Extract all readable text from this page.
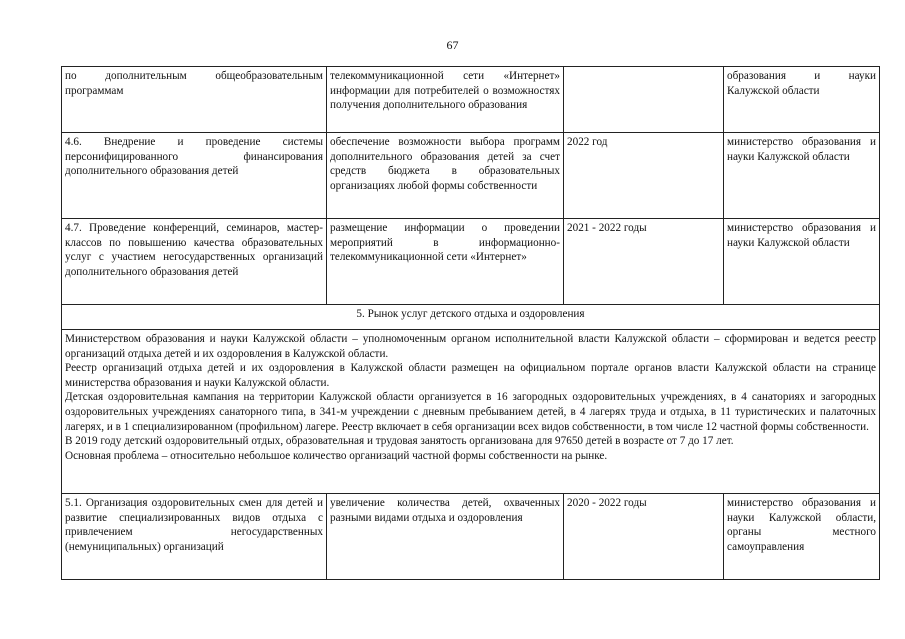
67
по дополнительным общеобразовательным программам	телекоммуникационной сети «Интернет» информации для потребителей о возможностях получения дополнительного образования		образования и науки Калужской области
4.6. Внедрение и проведение системы персонифицированного финансирования дополнительного образования детей	обеспечение возможности выбора программ дополнительного образования детей за счет средств бюджета в образовательных организациях любой формы собственности	2022 год	министерство образования и науки Калужской области
4.7. Проведение конференций, семинаров, мастер-классов по повышению качества образовательных услуг с участием негосударственных организаций дополнительного образования детей	размещение информации о проведении мероприятий в информационно-телекоммуникационной сети «Интернет»	2021 - 2022 годы	министерство образования и науки Калужской области
5. Рынок услуг детского отдыха и оздоровления			

Министерством образования и науки Калужской области – уполномоченным органом исполнительной власти Калужской области – сформирован и ведется реестр организаций отдыха детей и их оздоровления в Калужской области.

Реестр организаций отдыха детей и их оздоровления в Калужской области размещен на официальном портале органов власти Калужской области на странице министерства образования и науки Калужской области.

Детская оздоровительная кампания на территории Калужской области организуется в 16 загородных оздоровительных учреждениях, в 4 санаториях и загородных оздоровительных учреждениях санаторного типа, в 341-м учреждении с дневным пребыванием детей, в 4 лагерях труда и отдыха, в 11 туристических и палаточных лагерях, и в 1 специализированном (профильном) лагере. Реестр включает в себя организации всех видов собственности, в том числе 12 частной формы собственности.

В 2019 году детский оздоровительный отдых, образовательная и трудовая занятость организована для 97650 детей в возрасте от 7 до 17 лет.

Основная проблема – относительно небольшое количество организаций частной формы собственности на рынке.			

5.1. Организация оздоровительных смен для детей и развитие специализированных видов отдыха с привлечением негосударственных (немуниципальных) организаций	увеличение количества детей, охваченных разными видами отдыха и оздоровления	2020 - 2022 годы	министерство образования и науки Калужской области, органы местного самоуправления
